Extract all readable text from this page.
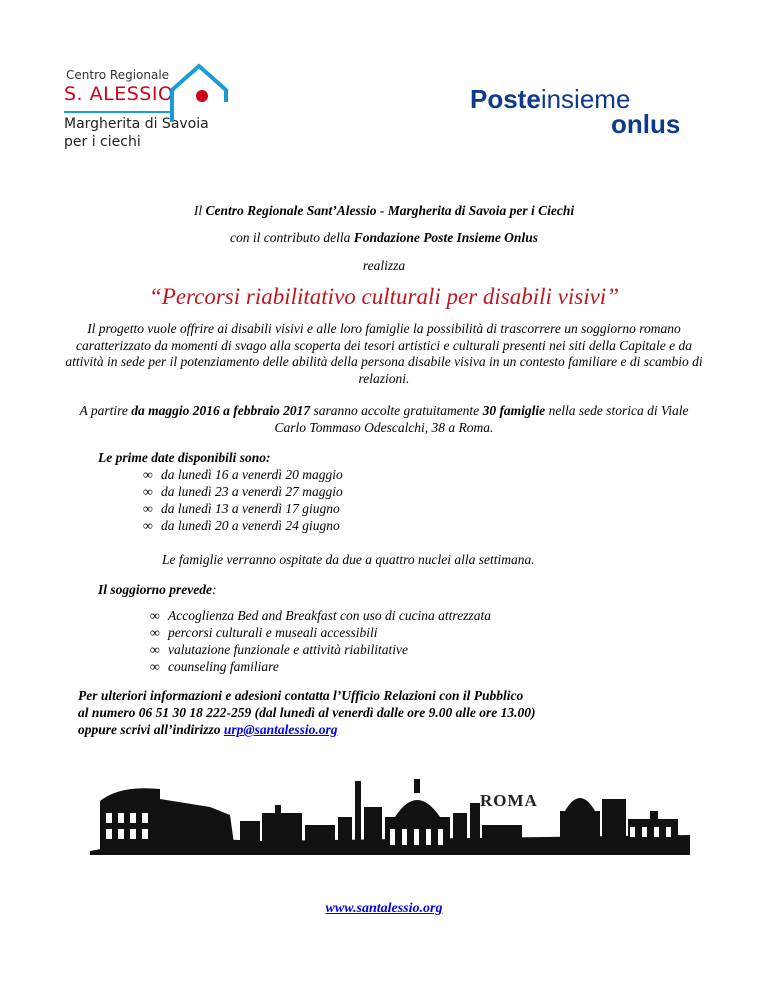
Centro Regionale
S. ALESSIO
Margherita di Savoia
per i ciechi
Posteinsieme
onlus
Il Centro Regionale Sant’Alessio - Margherita di Savoia per i Ciechi
con il contributo della Fondazione Poste Insieme Onlus
realizza
“Percorsi riabilitativo culturali per disabili visivi”
Il progetto vuole offrire ai disabili visivi e alle loro famiglie la possibilità di trascorrere un soggiorno romano caratterizzato da momenti di svago alla scoperta dei tesori artistici e culturali presenti nei siti della Capitale e da attività in sede per il potenziamento delle abilità della persona disabile visiva in un contesto familiare e di scambio di relazioni.
A partire da maggio 2016 a febbraio 2017 saranno accolte gratuitamente 30 famiglie nella sede storica di Viale Carlo Tommaso Odescalchi, 38 a Roma.
Le prime date disponibili sono:
∞ da lunedì 16 a venerdì 20 maggio
∞ da lunedì 23 a venerdì 27 maggio
∞ da lunedì 13 a venerdì 17 giugno
∞ da lunedì 20 a venerdì 24 giugno
Le famiglie verranno ospitate da due a quattro nuclei alla settimana.
Il soggiorno prevede:
∞ Accoglienza Bed and Breakfast con uso di cucina attrezzata
∞ percorsi culturali e museali accessibili
∞ valutazione funzionale e attività riabilitative
∞ counseling familiare
Per ulteriori informazioni e adesioni contatta l’Ufficio Relazioni con il Pubblico
al numero 06 51 30 18 222-259 (dal lunedì al venerdì dalle ore 9.00 alle ore 13.00)
oppure scrivi all’indirizzo urp@santalessio.org
ROMA
www.santalessio.org
